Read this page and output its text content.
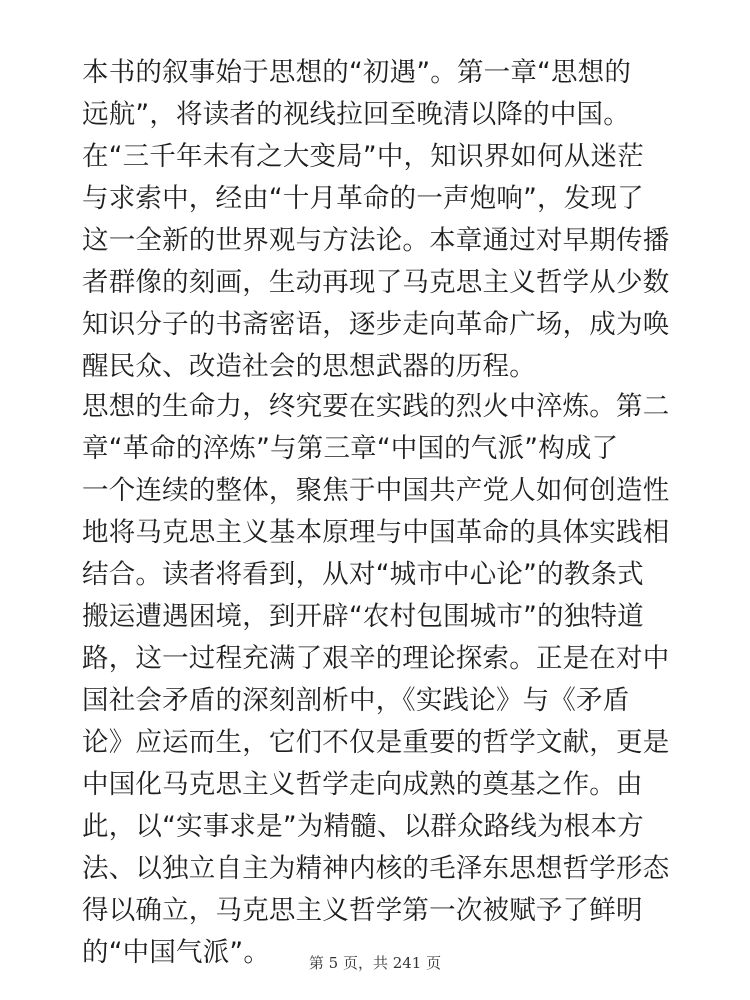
本书的叙事始于思想的“初遇”。第一章“思想的
远航”，将读者的视线拉回至晚清以降的中国。
在“三千年未有之大变局”中，知识界如何从迷茫
与求索中，经由“十月革命的一声炮响”，发现了
这一全新的世界观与方法论。本章通过对早期传播
者群像的刻画，生动再现了马克思主义哲学从少数
知识分子的书斋密语，逐步走向革命广场，成为唤
醒民众、改造社会的思想武器的历程。
思想的生命力，终究要在实践的烈火中淬炼。第二
章“革命的淬炼”与第三章“中国的气派”构成了
一个连续的整体，聚焦于中国共产党人如何创造性
地将马克思主义基本原理与中国革命的具体实践相
结合。读者将看到，从对“城市中心论”的教条式
搬运遭遇困境，到开辟“农村包围城市”的独特道
路，这一过程充满了艰辛的理论探索。正是在对中
国社会矛盾的深刻剖析中，《实践论》与《矛盾
论》应运而生，它们不仅是重要的哲学文献，更是
中国化马克思主义哲学走向成熟的奠基之作。由
此，以“实事求是”为精髓、以群众路线为根本方
法、以独立自主为精神内核的毛泽东思想哲学形态
得以确立，马克思主义哲学第一次被赋予了鲜明
的“中国气派”。	第 5 页，共 241 页
